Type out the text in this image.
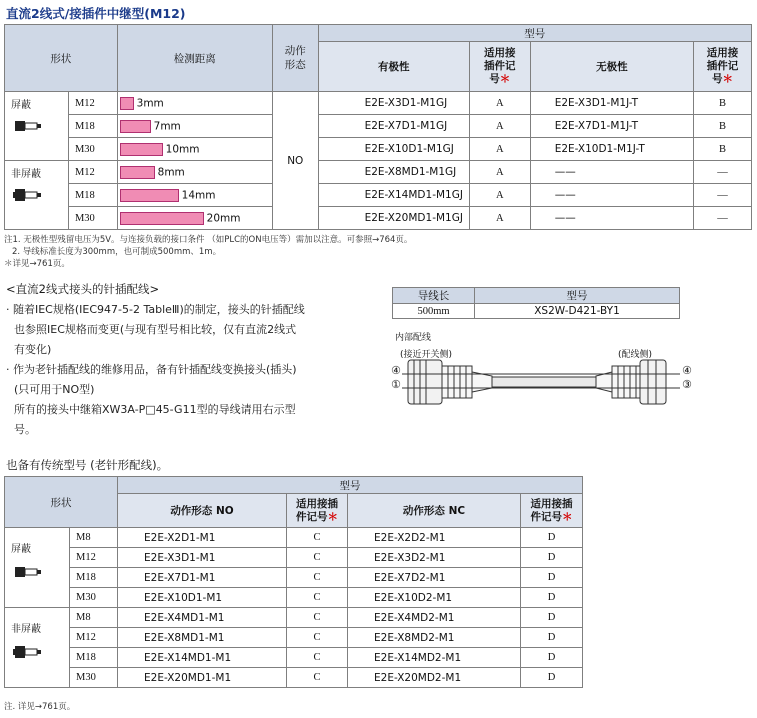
直流2线式/接插件中继型(M12)
形状		检测距离	动作
形态	型号			
				有极性	适用接
插件记
号＊	无极性	适用接
插件记
号＊

屏蔽	M12	3mm	NO	E2E-X3D1-M1GJ	A	E2E-X3D1-M1J-T	B
	M18	7mm		E2E-X7D1-M1GJ	A	E2E-X7D1-M1J-T	B
	M30	10mm		E2E-X10D1-M1GJ	A	E2E-X10D1-M1J-T	B

非屏蔽	M12	8mm		E2E-X8MD1-M1GJ	A	——	—
	M18	14mm		E2E-X14MD1-M1GJ	A	——	—
	M30	20mm		E2E-X20MD1-M1GJ	A	——	—
注1. 无极性型残留电压为5V。与连接负载的接口条件 （如PLC的ON电压等）需加以注意。可参照→764页。
2. 导线标准长度为300mm，也可制成500mm、1m。
＊详见→761页。
<直流2线式接头的针插配线>
· 随着IEC规格(IEC947-5-2 TableⅢ)的制定，接头的针插配线
也参照IEC规格而变更(与现有型号相比较，仅有直流2线式
有变化)
· 作为老针插配线的维修用品，备有针插配线变换接头(插头)
(只可用于NO型)
所有的接头中继箱XW3A-P□45-G11型的导线请用右示型
号。
导线长	型号
500mm	XS2W-D421-BY1
内部配线
(接近开关侧)	(配线侧)
④
①
④
③
也备有传统型号 (老针形配线)。
形状		型号			
		动作形态 NO	适用接插
件记号＊	动作形态 NC	适用接插
件记号＊

屏蔽	M8	E2E-X2D1-M1	C	E2E-X2D2-M1	D
	M12	E2E-X3D1-M1	C	E2E-X3D2-M1	D
	M18	E2E-X7D1-M1	C	E2E-X7D2-M1	D
	M30	E2E-X10D1-M1	C	E2E-X10D2-M1	D

非屏蔽	M8	E2E-X4MD1-M1	C	E2E-X4MD2-M1	D
	M12	E2E-X8MD1-M1	C	E2E-X8MD2-M1	D
	M18	E2E-X14MD1-M1	C	E2E-X14MD2-M1	D
	M30	E2E-X20MD1-M1	C	E2E-X20MD2-M1	D
注. 详见→761页。
